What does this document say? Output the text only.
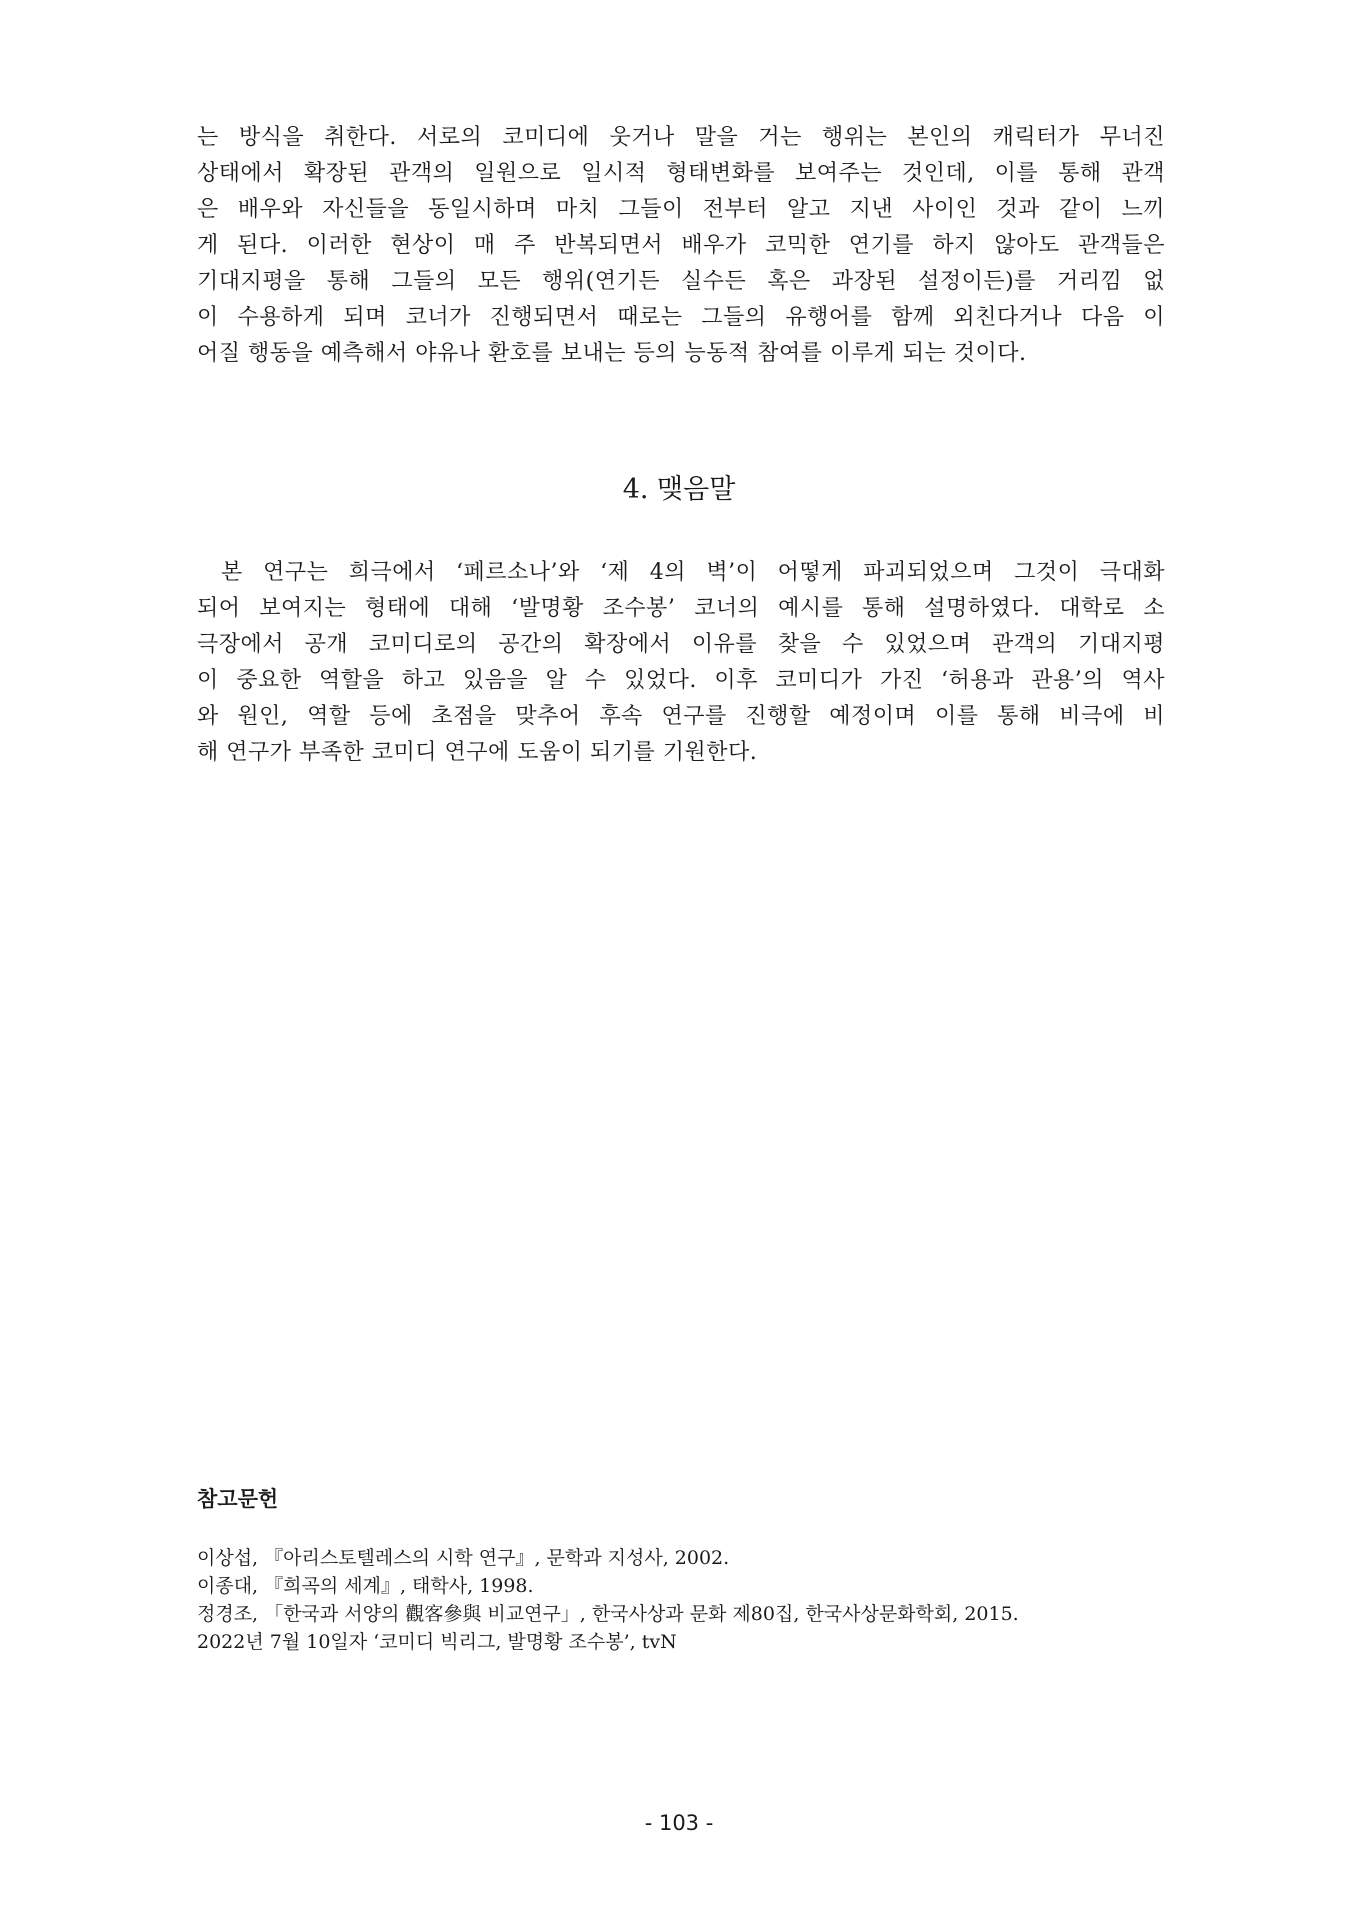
는 방식을 취한다. 서로의 코미디에 웃거나 말을 거는 행위는 본인의 캐릭터가 무너진
상태에서 확장된 관객의 일원으로 일시적 형태변화를 보여주는 것인데, 이를 통해 관객
은 배우와 자신들을 동일시하며 마치 그들이 전부터 알고 지낸 사이인 것과 같이 느끼
게 된다. 이러한 현상이 매 주 반복되면서 배우가 코믹한 연기를 하지 않아도 관객들은
기대지평을 통해 그들의 모든 행위(연기든 실수든 혹은 과장된 설정이든)를 거리낌 없
이 수용하게 되며 코너가 진행되면서 때로는 그들의 유행어를 함께 외친다거나 다음 이
어질 행동을 예측해서 야유나 환호를 보내는 등의 능동적 참여를 이루게 되는 것이다.
4. 맺음말
본 연구는 희극에서 ‘페르소나’와 ‘제 4의 벽’이 어떻게 파괴되었으며 그것이 극대화
되어 보여지는 형태에 대해 ‘발명황 조수봉’ 코너의 예시를 통해 설명하였다. 대학로 소
극장에서 공개 코미디로의 공간의 확장에서 이유를 찾을 수 있었으며 관객의 기대지평
이 중요한 역할을 하고 있음을 알 수 있었다. 이후 코미디가 가진 ‘허용과 관용’의 역사
와 원인, 역할 등에 초점을 맞추어 후속 연구를 진행할 예정이며 이를 통해 비극에 비
해 연구가 부족한 코미디 연구에 도움이 되기를 기원한다.
참고문헌
이상섭, 『아리스토텔레스의 시학 연구』, 문학과 지성사, 2002.
이종대, 『희곡의 세계』, 태학사, 1998.
정경조, 「한국과 서양의 觀客參與 비교연구」, 한국사상과 문화 제80집, 한국사상문화학회, 2015.
2022년 7월 10일자 ‘코미디 빅리그, 발명황 조수봉’, tvN
- 103 -
